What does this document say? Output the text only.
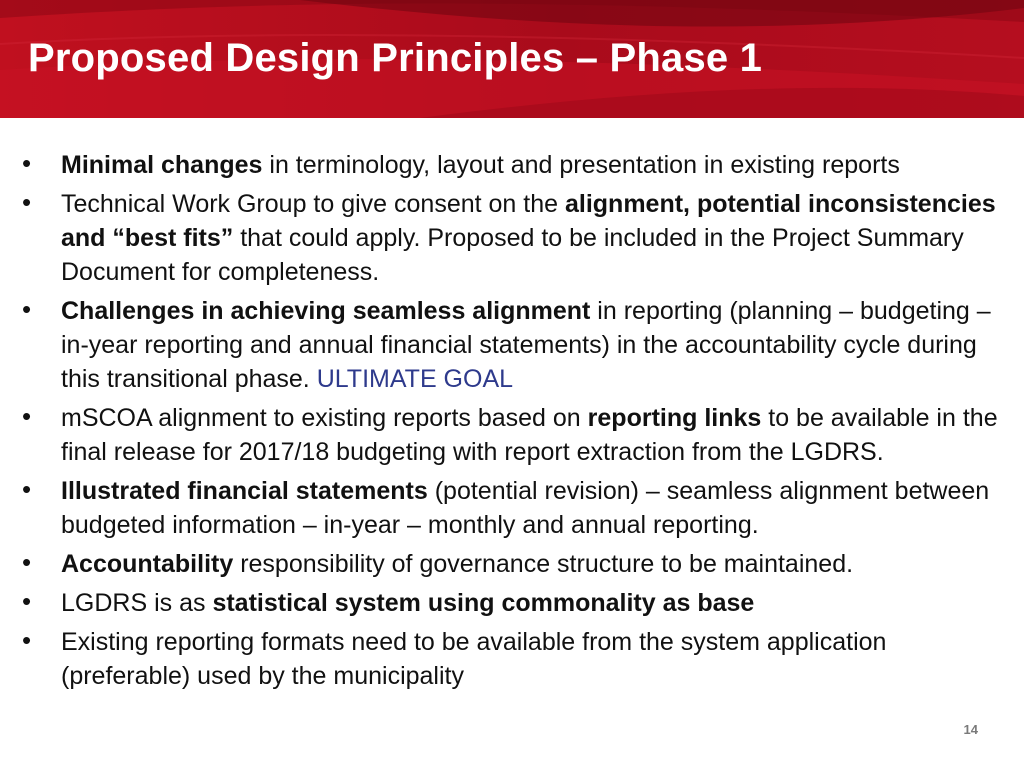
Proposed Design Principles – Phase 1
• Minimal changes in terminology, layout and presentation in existing reports
• Technical Work Group to give consent on the alignment, potential inconsistencies and “best fits” that could apply. Proposed to be included in the Project Summary Document for completeness.
• Challenges in achieving seamless alignment in reporting (planning – budgeting – in-year reporting and annual financial statements) in the accountability cycle during this transitional phase. ULTIMATE GOAL
• mSCOA alignment to existing reports based on reporting links to be available in the final release for 2017/18 budgeting with report extraction from the LGDRS.
• Illustrated financial statements (potential revision) – seamless alignment between budgeted information – in-year – monthly and annual reporting.
• Accountability responsibility of governance structure to be maintained.
• LGDRS is as statistical system using commonality as base
• Existing reporting formats need to be available from the system application (preferable) used by the municipality
14
